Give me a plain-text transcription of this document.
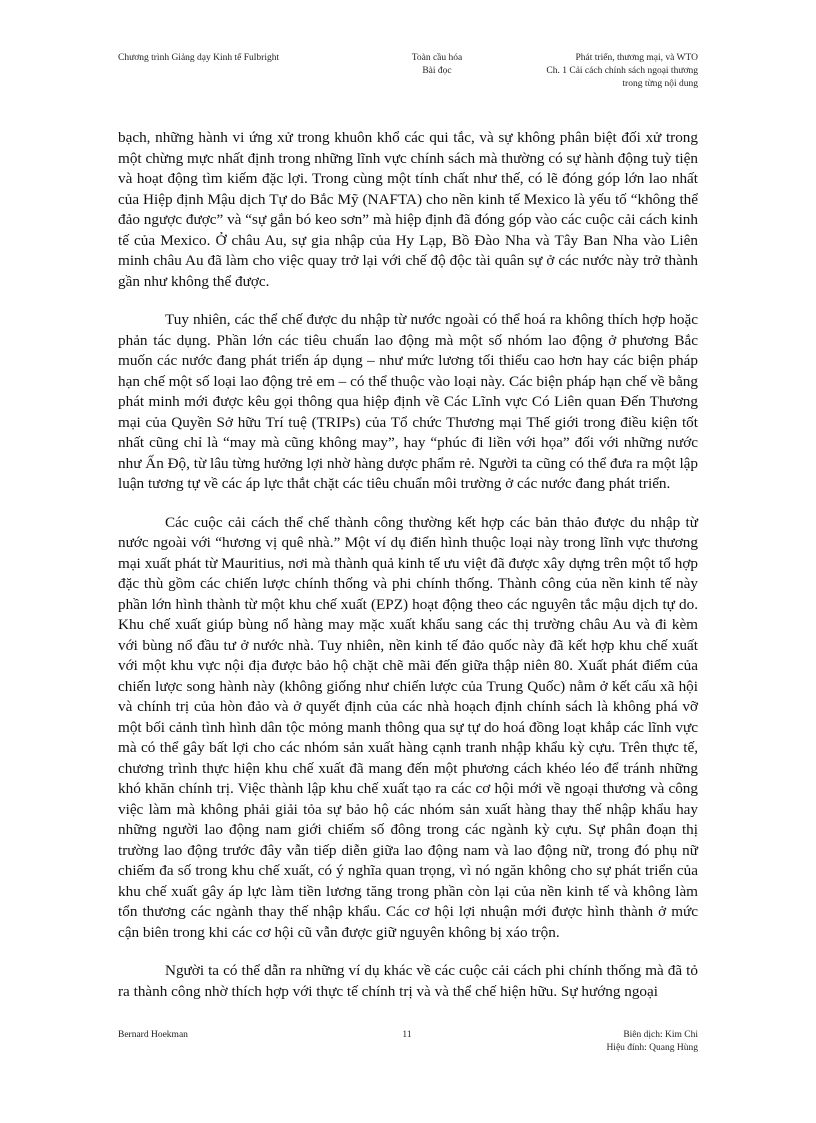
Chương trình Giảng dạy Kinh tế Fulbright	Toàn cầu hóa
Bài đọc
Phát triển, thương mại, và WTO
Ch. 1 Cải cách chính sách ngoại thương
trong từng nội dung

bạch, những hành vi ứng xử trong khuôn khổ các qui tắc, và sự không phân biệt đối xử trong một chừng mực nhất định trong những lĩnh vực chính sách mà thường có sự hành động tuỳ tiện và hoạt động tìm kiếm đặc lợi. Trong cùng một tính chất như thế, có lẽ đóng góp lớn lao nhất của Hiệp định Mậu dịch Tự do Bắc Mỹ (NAFTA) cho nền kinh tế Mexico là yếu tố “không thể đảo ngược được” và “sự gắn bó keo sơn” mà hiệp định đã đóng góp vào các cuộc cải cách kinh tế của Mexico. Ở châu Au, sự gia nhập của Hy Lạp, Bồ Đào Nha và Tây Ban Nha vào Liên minh châu Au đã làm cho việc quay trở lại với chế độ độc tài quân sự ở các nước này trở thành gần như không thể được.

Tuy nhiên, các thể chế được du nhập từ nước ngoài có thể hoá ra không thích hợp hoặc phản tác dụng. Phần lớn các tiêu chuẩn lao động mà một số nhóm lao động ở phương Bắc muốn các nước đang phát triển áp dụng – như mức lương tối thiểu cao hơn hay các biện pháp hạn chế một số loại lao động trẻ em – có thể thuộc vào loại này. Các biện pháp hạn chế về bằng phát minh mới được kêu gọi thông qua hiệp định về Các Lĩnh vực Có Liên quan Đến Thương mại của Quyền Sở hữu Trí tuệ (TRIPs) của Tổ chức Thương mại Thế giới trong điều kiện tốt nhất cũng chỉ là “may mà cũng không may”, hay “phúc đi liền với họa” đối với những nước như Ấn Độ, từ lâu từng hưởng lợi nhờ hàng dược phẩm rẻ. Người ta cũng có thể đưa ra một lập luận tương tự về các áp lực thắt chặt các tiêu chuẩn môi trường ở các nước đang phát triển.

Các cuộc cải cách thể chế thành công thường kết hợp các bản thảo được du nhập từ nước ngoài với “hương vị quê nhà.” Một ví dụ điển hình thuộc loại này trong lĩnh vực thương mại xuất phát từ Mauritius, nơi mà thành quả kinh tế ưu việt đã được xây dựng trên một tổ hợp đặc thù gồm các chiến lược chính thống và phi chính thống. Thành công của nền kinh tế này phần lớn hình thành từ một khu chế xuất (EPZ) hoạt động theo các nguyên tắc mậu dịch tự do. Khu chế xuất giúp bùng nổ hàng may mặc xuất khẩu sang các thị trường châu Au và đi kèm với bùng nổ đầu tư ở nước nhà. Tuy nhiên, nền kinh tế đảo quốc này đã kết hợp khu chế xuất với một khu vực nội địa được bảo hộ chặt chẽ mãi đến giữa thập niên 80. Xuất phát điểm của chiến lược song hành này (không giống như chiến lược của Trung Quốc) nằm ở kết cấu xã hội và chính trị của hòn đảo và ở quyết định của các nhà hoạch định chính sách là không phá vỡ một bối cảnh tình hình dân tộc mỏng manh thông qua sự tự do hoá đồng loạt khắp các lĩnh vực mà có thể gây bất lợi cho các nhóm sản xuất hàng cạnh tranh nhập khẩu kỳ cựu. Trên thực tế, chương trình thực hiện khu chế xuất đã mang đến một phương cách khéo léo để tránh những khó khăn chính trị. Việc thành lập khu chế xuất tạo ra các cơ hội mới về ngoại thương và công việc làm mà không phải giải tỏa sự bảo hộ các nhóm sản xuất hàng thay thế nhập khẩu hay những người lao động nam giới chiếm số đông trong các ngành kỳ cựu. Sự phân đoạn thị trường lao động trước đây vẫn tiếp diễn giữa lao động nam và lao động nữ, trong đó phụ nữ chiếm đa số trong khu chế xuất, có ý nghĩa quan trọng, vì nó ngăn không cho sự phát triển của khu chế xuất gây áp lực làm tiền lương tăng trong phần còn lại của nền kinh tế và không làm tổn thương các ngành thay thế nhập khẩu. Các cơ hội lợi nhuận mới được hình thành ở mức cận biên trong khi các cơ hội cũ vẫn được giữ nguyên không bị xáo trộn.

Người ta có thể dẫn ra những ví dụ khác về các cuộc cải cách phi chính thống mà đã tỏ ra thành công nhờ thích hợp với thực tế chính trị và và thể chế hiện hữu. Sự hướng ngoại

Bernard Hoekman	11	Biên dịch: Kim Chi
Hiệu đính: Quang Hùng
